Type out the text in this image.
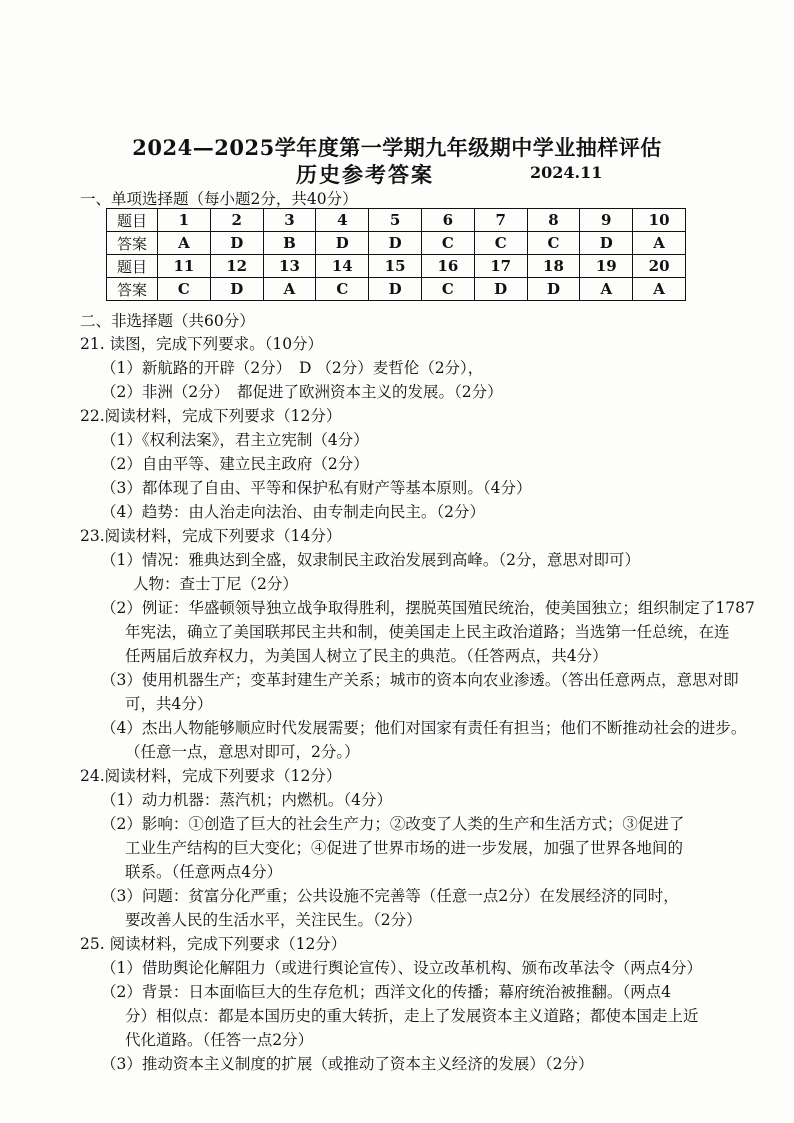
2024—2025学年度第一学期九年级期中学业抽样评估
历史参考答案	2024.11
一、单项选择题（每小题2分，共40分）
题目	1	2	3	4	5	6	7	8	9	10
答案	A	D	B	D	D	C	C	C	D	A
题目	11	12	13	14	15	16	17	18	19	20
答案	C	D	A	C	D	C	D	D	A	A
二、非选择题（共60分）
21. 读图，完成下列要求。（10分）
（1）新航路的开辟（2分）　D （2分）麦哲伦（2分），
（2）非洲（2分）　都促进了欧洲资本主义的发展。（2分）
22.阅读材料，完成下列要求（12分）
（1）《权利法案》，君主立宪制（4分）
（2）自由平等、建立民主政府（2分）
（3）都体现了自由、平等和保护私有财产等基本原则。（4分）
（4）趋势：由人治走向法治、由专制走向民主。（2分）
23.阅读材料，完成下列要求（14分）
（1）情况：雅典达到全盛，奴隶制民主政治发展到高峰。（2分，意思对即可）
人物：查士丁尼（2分）
（2）例证：华盛顿领导独立战争取得胜利，摆脱英国殖民统治，使美国独立；组织制定了1787
年宪法，确立了美国联邦民主共和制，使美国走上民主政治道路；当选第一任总统，在连
任两届后放弃权力，为美国人树立了民主的典范。（任答两点，共4分）
（3）使用机器生产；变革封建生产关系；城市的资本向农业渗透。（答出任意两点，意思对即
可，共4分）
（4）杰出人物能够顺应时代发展需要；他们对国家有责任有担当；他们不断推动社会的进步。
（任意一点，意思对即可，2分。）
24.阅读材料，完成下列要求（12分）
（1）动力机器：蒸汽机；内燃机。（4分）
（2）影响：①创造了巨大的社会生产力；②改变了人类的生产和生活方式；③促进了
工业生产结构的巨大变化；④促进了世界市场的进一步发展，加强了世界各地间的
联系。（任意两点4分）
（3）问题：贫富分化严重；公共设施不完善等（任意一点2分）在发展经济的同时，
要改善人民的生活水平，关注民生。（2分）
25. 阅读材料，完成下列要求（12分）
（1）借助舆论化解阻力（或进行舆论宣传）、设立改革机构、颁布改革法令（两点4分）
（2）背景：日本面临巨大的生存危机；西洋文化的传播；幕府统治被推翻。（两点4
分）相似点：都是本国历史的重大转折，走上了发展资本主义道路；都使本国走上近
代化道路。（任答一点2分）
（3）推动资本主义制度的扩展（或推动了资本主义经济的发展）（2分）
